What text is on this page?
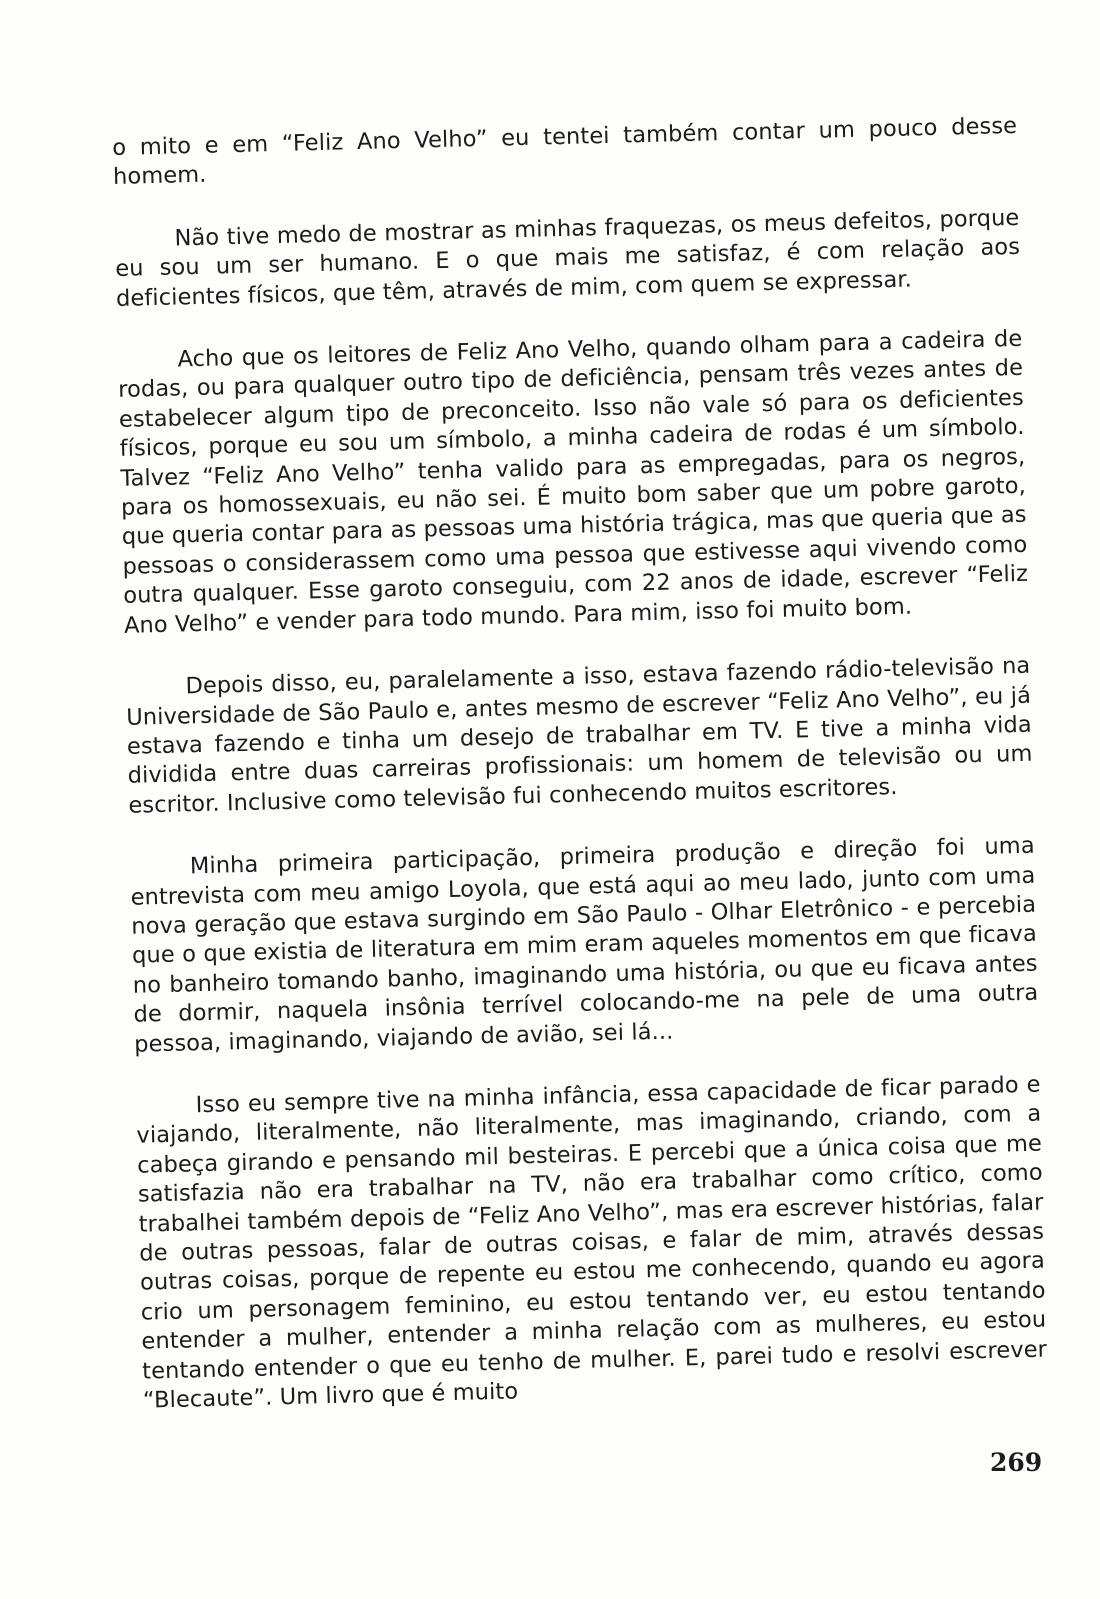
o mito e em “Feliz Ano Velho” eu tentei também contar um pouco desse homem.

Não tive medo de mostrar as minhas fraquezas, os meus defeitos, porque eu sou um ser humano. E o que mais me satisfaz, é com relação aos deficientes físicos, que têm, através de mim, com quem se expressar.

Acho que os leitores de Feliz Ano Velho, quando olham para a cadeira de rodas, ou para qualquer outro tipo de deficiência, pensam três vezes antes de estabelecer algum tipo de preconceito. Isso não vale só para os deficientes físicos, porque eu sou um símbolo, a minha cadeira de rodas é um símbolo. Talvez “Feliz Ano Velho” tenha valido para as empregadas, para os negros, para os homossexuais, eu não sei. É muito bom saber que um pobre garoto, que queria contar para as pessoas uma história trágica, mas que queria que as pessoas o considerassem como uma pessoa que estivesse aqui vivendo como outra qualquer. Esse garoto conseguiu, com 22 anos de idade, escrever “Feliz Ano Velho” e vender para todo mundo. Para mim, isso foi muito bom.

Depois disso, eu, paralelamente a isso, estava fazendo rádio-televisão na Universidade de São Paulo e, antes mesmo de escrever “Feliz Ano Velho”, eu já estava fazendo e tinha um desejo de trabalhar em TV. E tive a minha vida dividida entre duas carreiras profissionais: um homem de televisão ou um escritor. Inclusive como televisão fui conhecendo muitos escritores.

Minha primeira participação, primeira produção e direção foi uma entrevista com meu amigo Loyola, que está aqui ao meu lado, junto com uma nova geração que estava surgindo em São Paulo - Olhar Eletrônico - e percebia que o que existia de literatura em mim eram aqueles momentos em que ficava no banheiro tomando banho, imaginando uma história, ou que eu ficava antes de dormir, naquela insônia terrível colocando-me na pele de uma outra pessoa, imaginando, viajando de avião, sei lá...

Isso eu sempre tive na minha infância, essa capacidade de ficar parado e viajando, literalmente, não literalmente, mas imaginando, criando, com a cabeça girando e pensando mil besteiras. E percebi que a única coisa que me satisfazia não era trabalhar na TV, não era trabalhar como crítico, como trabalhei também depois de “Feliz Ano Velho”, mas era escrever histórias, falar de outras pessoas, falar de outras coisas, e falar de mim, através dessas outras coisas, porque de repente eu estou me conhecendo, quando eu agora crio um personagem feminino, eu estou tentando ver, eu estou tentando entender a mulher, entender a minha relação com as mulheres, eu estou tentando entender o que eu tenho de mulher. E, parei tudo e resolvi escrever “Blecaute”. Um livro que é muito

269
